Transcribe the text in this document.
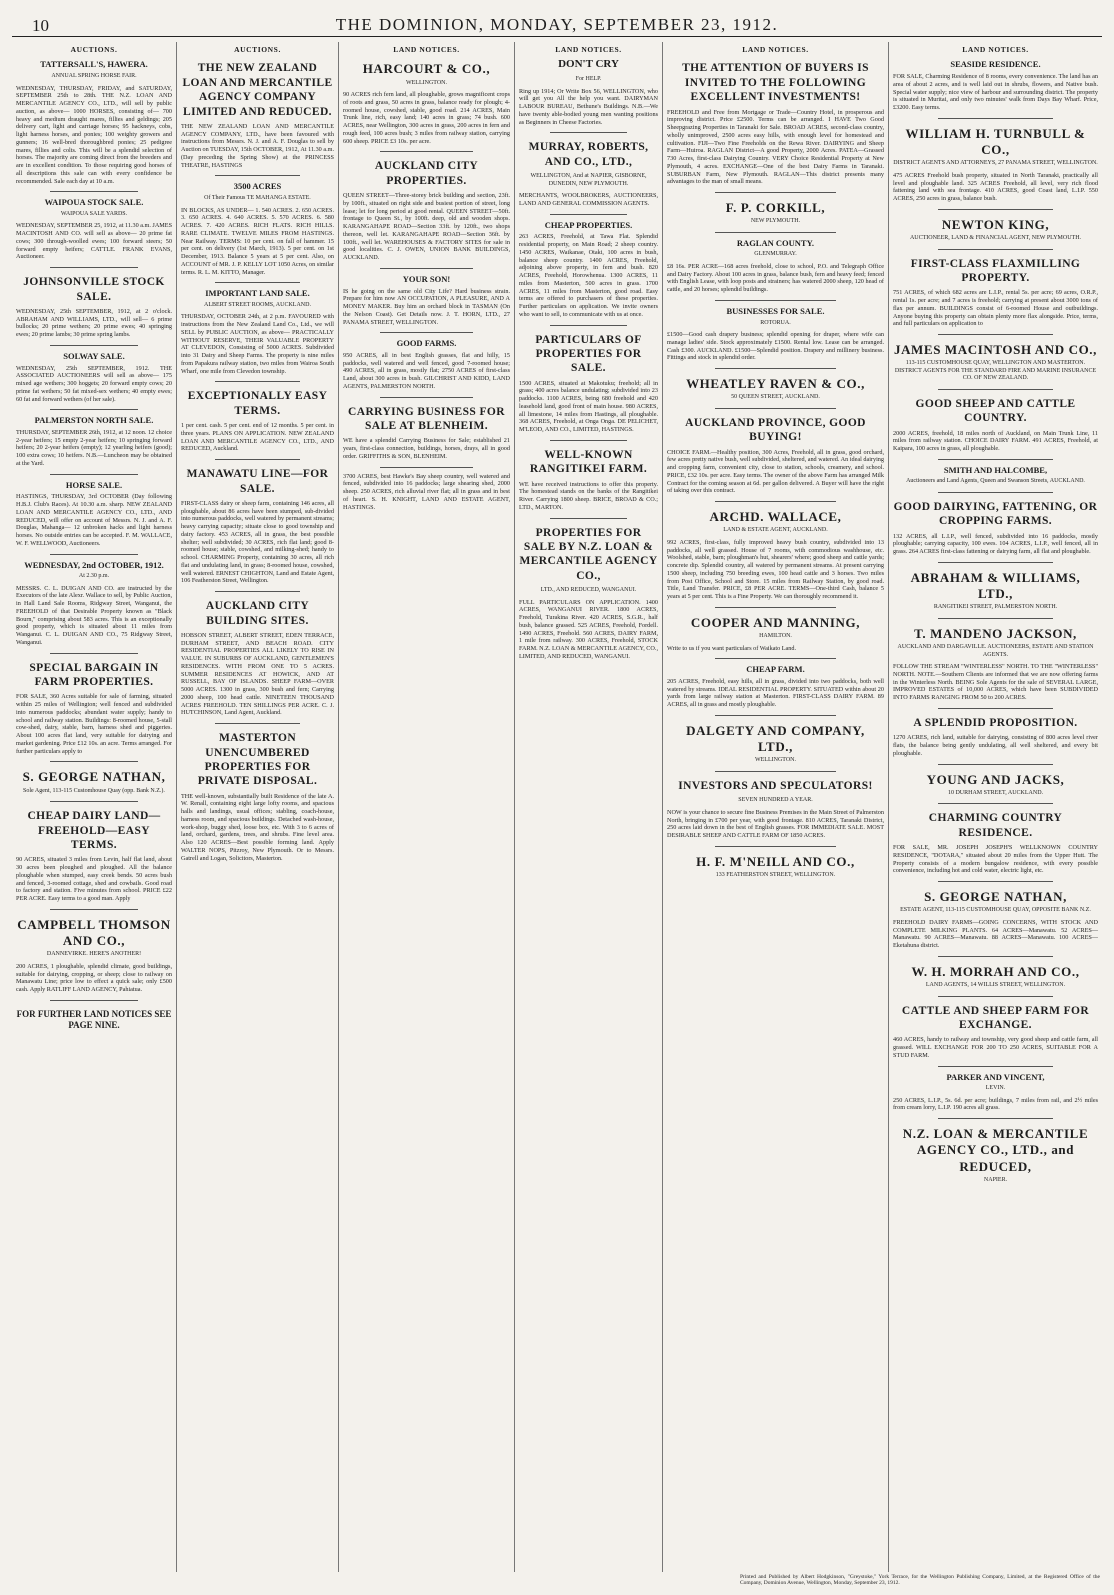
10	THE DOMINION, MONDAY, SEPTEMBER 23, 1912.
AUCTIONS.
TATTERSALL'S, HAWERA.
ANNUAL SPRING HORSE FAIR.

WEDNESDAY, THURSDAY, FRIDAY, and SATURDAY, SEPTEMBER 25th to 28th. THE N.Z. LOAN AND MERCANTILE AGENCY CO., LTD., will sell by public auction, as above— 1000 HORSES, consisting of— 700 heavy and medium draught mares, fillies and geldings; 205 delivery cart, light and carriage horses; 95 hackneys, cobs, light harness horses, and ponies; 100 weighty growers and gunners; 16 well-bred thoroughbred ponies; 25 pedigree mares, fillies and colts. This will be a splendid selection of horses. The majority are coming direct from the breeders and are in excellent condition. To those requiring good horses of all descriptions this sale can with every confidence be recommended. Sale each day at 10 a.m.

WAIPOUA STOCK SALE.
WAIPOUA SALE YARDS.

WEDNESDAY, SEPTEMBER 25, 1912, at 11.30 a.m. JAMES MACINTOSH AND CO. will sell as above— 20 prime fat cows; 300 through-woolled ewes; 100 forward steers; 50 forward empty heifers; CATTLE. FRANK EVANS, Auctioneer.

JOHNSONVILLE STOCK SALE.

WEDNESDAY, 25th SEPTEMBER, 1912, at 2 o'clock. ABRAHAM AND WILLIAMS, LTD., will sell— 6 prime bullocks; 20 prime wethers; 20 prime ewes; 40 springing ewes; 20 prime lambs; 30 prime spring lambs.

SOLWAY SALE.

WEDNESDAY, 25th SEPTEMBER, 1912. THE ASSOCIATED AUCTIONEERS will sell as above— 175 mixed age wethers; 300 hoggets; 20 forward empty cows; 20 prime fat wethers; 50 fat mixed-sex wethers; 40 empty ewes; 60 fat and forward wethers (of her sale).

PALMERSTON NORTH SALE.

THURSDAY, SEPTEMBER 26th, 1912, at 12 noon. 12 choice 2-year heifers; 15 empty 2-year heifers; 10 springing forward heifers; 20 2-year heifers (empty); 12 yearling heifers (good); 100 extra cows; 10 heifers. N.B.—Luncheon may be obtained at the Yard.

HORSE SALE.

HASTINGS, THURSDAY, 3rd OCTOBER (Day following H.B.J. Club's Races). At 10.30 a.m. sharp. NEW ZEALAND LOAN AND MERCANTILE AGENCY CO., LTD., AND REDUCED, will offer on account of Messrs. N. J. and A. F. Douglas, Mahanga— 12 unbroken hacks and light harness horses. No outside entries can be accepted. F. M. WALLACE, W. F. WELLWOOD, Auctioneers.

WEDNESDAY, 2nd OCTOBER, 1912.
At 2.30 p.m.

MESSRS. C. L. DUIGAN AND CO. are instructed by the Executors of the late Alexr. Wallace to sell, by Public Auction, in Hall Land Sale Rooms, Ridgway Street, Wanganui, the FREEHOLD of that Desirable Property known as "Black Bourn," comprising about 583 acres. This is an exceptionally good property, which is situated about 11 miles from Wanganui. C. L. DUIGAN AND CO., 75 Ridgway Street, Wanganui.

SPECIAL BARGAIN IN FARM PROPERTIES.

FOR SALE, 360 Acres suitable for sale of farming, situated within 25 miles of Wellington; well fenced and subdivided into numerous paddocks; abundant water supply; handy to school and railway station. Buildings: 8-roomed house, 5-stall cow-shed, dairy, stable, barn, harness shed and piggeries. About 100 acres flat land, very suitable for dairying and market gardening. Price £12 10s. an acre. Terms arranged. For further particulars apply to

S. GEORGE NATHAN,
Sole Agent, 113-115 Customhouse Quay (opp. Bank N.Z.).
CHEAP DAIRY LAND—FREEHOLD—EASY TERMS.

90 ACRES, situated 3 miles from Levin, half flat land, about 30 acres been ploughed and ploughed. All the balance ploughable when stumped, easy creek bends. 50 acres bush and fenced, 3-roomed cottage, shed and cowbails. Good road to factory and station. Five minutes from school. PRICE £22 PER ACRE. Easy terms to a good man. Apply

CAMPBELL THOMSON AND CO.,
DANNEVIRKE. HERE'S ANOTHER!

200 ACRES, 1 ploughable, splendid climate, good buildings, suitable for dairying, cropping, or sheep; close to railway on Manawatu Line; price low to effect a quick sale; only £500 cash. Apply RATLIFF LAND AGENCY, Pahiatua.

FOR FURTHER LAND NOTICES SEE PAGE NINE.
AUCTIONS.
THE NEW ZEALAND LOAN AND MERCANTILE AGENCY COMPANY LIMITED AND REDUCED.

THE NEW ZEALAND LOAN AND MERCANTILE AGENCY COMPANY, LTD., have been favoured with instructions from Messrs. N. J. and A. F. Douglas to sell by Auction on TUESDAY, 15th OCTOBER, 1912, At 11.30 a.m. (Day preceding the Spring Show) at the PRINCESS THEATRE, HASTINGS

3500 ACRES
Of Their Famous TE MAHANGA ESTATE.

IN BLOCKS, AS UNDER— 1. 540 ACRES. 2. 650 ACRES. 3. 650 ACRES. 4. 640 ACRES. 5. 570 ACRES. 6. 580 ACRES. 7. 420 ACRES. RICH FLATS. RICH HILLS. RARE CLIMATE. TWELVE MILES FROM HASTINGS. Near Railway. TERMS: 10 per cent. on fall of hammer. 15 per cent. on delivery (1st March, 1913). 5 per cent. on 1st December, 1913. Balance 5 years at 5 per cent. Also, on ACCOUNT of MR. J. P. KELLY LOT 1050 Acres, on similar terms. R. L. M. KITTO, Manager.

IMPORTANT LAND SALE.
ALBERT STREET ROOMS, AUCKLAND.

THURSDAY, OCTOBER 24th, at 2 p.m. FAVOURED with instructions from the New Zealand Land Co., Ltd., we will SELL by PUBLIC AUCTION, as above— PRACTICALLY WITHOUT RESERVE, THEIR VALUABLE PROPERTY AT CLEVEDON, Consisting of 5000 ACRES. Subdivided into 31 Dairy and Sheep Farms. The property is nine miles from Papakura railway station, two miles from Wairoa South Wharf, one mile from Clevedon township.

EXCEPTIONALLY EASY TERMS.

1 per cent. cash. 5 per cent. end of 12 months. 5 per cent. in three years. PLANS ON APPLICATION. NEW ZEALAND LOAN AND MERCANTILE AGENCY CO., LTD., AND REDUCED, Auckland.

MANAWATU LINE—FOR SALE.

FIRST-CLASS dairy or sheep farm, containing 146 acres, all ploughable, about 86 acres have been stumped, sub-divided into numerous paddocks, well watered by permanent streams; heavy carrying capacity; situate close to good township and dairy factory. 453 ACRES, all in grass, the best possible shelter; well subdivided; 30 ACRES, rich flat land; good 8-roomed house; stable, cowshed, and milking-shed; handy to school. CHARMING Property, containing 30 acres, all rich flat and undulating land, in grass; 8-roomed house, cowshed, well watered. ERNEST CHIGHTON, Land and Estate Agent, 106 Featherston Street, Wellington.

AUCKLAND CITY BUILDING SITES.

HOBSON STREET, ALBERT STREET, EDEN TERRACE, DURHAM STREET, AND BEACH ROAD. CITY RESIDENTIAL PROPERTIES ALL LIKELY TO RISE IN VALUE. IN SUBURBS OF AUCKLAND, GENTLEMEN'S RESIDENCES. WITH FROM ONE TO 5 ACRES. SUMMER RESIDENCES AT HOWICK, AND AT RUSSELL, BAY OF ISLANDS. SHEEP FARM—OVER 5000 ACRES. 1300 in grass, 300 bush and fern; Carrying 2000 sheep, 100 head cattle. NINETEEN THOUSAND ACRES FREEHOLD. TEN SHILLINGS PER ACRE. C. J. HUTCHINSON, Land Agent, Auckland.

MASTERTON UNENCUMBERED PROPERTIES FOR PRIVATE DISPOSAL.

THE well-known, substantially built Residence of the late A. W. Renall, containing eight large lofty rooms, and spacious halls and landings, usual offices; stabling, coach-house, harness room, and spacious buildings. Detached wash-house, work-shop, buggy shed, loose box, etc. With 3 to 6 acres of land, orchard, gardens, trees, and shrubs. Fine level area. Also 120 ACRES—Best possible forming land. Apply WALTER NOPS, Pitzroy, New Plymouth. Or to Messrs. Gatrell and Logan, Solicitors, Masterton.

LAND NOTICES.
HARCOURT & CO.,
WELLINGTON.

90 ACRES rich fern land, all ploughable, grows magnificent crops of roots and grass, 50 acres in grass, balance ready for plough; 4-roomed house, cowshed, stable, good road. 214 ACRES, Main Trunk line, rich, easy land; 140 acres in grass; 74 bush. 600 ACRES, near Wellington, 300 acres in grass, 200 acres in fern and rough feed, 100 acres bush; 3 miles from railway station, carrying 600 sheep. PRICE £3 10s. per acre.

AUCKLAND CITY PROPERTIES.

QUEEN STREET—Three-storey brick building and section, 23ft. by 100ft., situated on right side and busiest portion of street, long lease; let for long period at good rental. QUEEN STREET—50ft. frontage to Queen St., by 100ft. deep, old and wooden shops. KARANGAHAPE ROAD—Section 33ft. by 120ft., two shops thereon, well let. KARANGAHAPE ROAD—Section 36ft. by 100ft., well let. WAREHOUSES & FACTORY SITES for sale in good localities. C. J. OWEN, UNION BANK BUILDINGS, AUCKLAND.

YOUR SON!

IS he going on the same old City Life? Hard business strain. Prepare for him now AN OCCUPATION, A PLEASURE, AND A MONEY MAKER. Buy him an orchard block in TASMAN (On the Nelson Coast). Get Details now. J. T. HORN, LTD., 27 PANAMA STREET, WELLINGTON.

GOOD FARMS.

950 ACRES, all in best English grasses, flat and hilly, 15 paddocks, well watered and well fenced, good 7-roomed house; 490 ACRES, all in grass, mostly flat; 2750 ACRES of first-class Land, about 300 acres in bush. GILCHRIST AND KIDD, LAND AGENTS, PALMERSTON NORTH.

CARRYING BUSINESS FOR SALE AT BLENHEIM.

WE have a splendid Carrying Business for Sale; established 21 years, first-class connection, buildings, horses, drays, all in good order. GRIFFITHS & SON, BLENHEIM.

3700 ACRES, best Hawke's Bay sheep country, well watered and fenced, subdivided into 16 paddocks; large shearing shed, 2000 sheep. 250 ACRES, rich alluvial river flat; all in grass and in best of heart. S. H. KNIGHT, LAND AND ESTATE AGENT, HASTINGS.

LAND NOTICES.
DON'T CRY
For HELP.

Ring up 1914; Or Write Box 56, WELLINGTON, who will get you All the help you want. DAIRYMAN LABOUR BUREAU, Bethune's Buildings. N.B.—We have twenty able-bodied young men wanting positions as Beginners in Cheese Factories.

MURRAY, ROBERTS, AND CO., LTD.,
WELLINGTON, And at NAPIER, GISBORNE, DUNEDIN, NEW PLYMOUTH.

MERCHANTS, WOOLBROKERS, AUCTIONEERS, LAND AND GENERAL COMMISSION AGENTS.

CHEAP PROPERTIES.

263 ACRES, Freehold, at Tawa Flat. Splendid residential property, on Main Road; 2 sheep country. 1450 ACRES, Waikanae, Otaki, 100 acres in bush, balance sheep country. 1400 ACRES, Freehold, adjoining above property, in fern and bush. 820 ACRES, Freehold, Horowhenua. 1300 ACRES, 11 miles from Masterton, 500 acres in grass. 1700 ACRES, 11 miles from Masterton, good road. Easy terms are offered to purchasers of these properties. Further particulars on application. We invite owners who want to sell, to communicate with us at once.

PARTICULARS OF PROPERTIES FOR SALE.

1500 ACRES, situated at Makotuku; freehold; all in grass; 400 acres balance undulating; subdivided into 23 paddocks. 1100 ACRES, being 680 freehold and 420 leasehold land, good front of main house. 980 ACRES, all limestone, 14 miles from Hastings, all ploughable. 368 ACRES, Freehold, at Onga Onga. DE PELICHET, M'LEOD, AND CO., LIMITED, HASTINGS.

WELL-KNOWN RANGITIKEI FARM.

WE have received instructions to offer this property. The homestead stands on the banks of the Rangitikei River. Carrying 1800 sheep. BRICE, BROAD & CO.; LTD., MARTON.

PROPERTIES FOR SALE BY N.Z. LOAN & MERCANTILE AGENCY CO.,
LTD., AND REDUCED, WANGANUI.

FULL PARTICULARS ON APPLICATION. 1400 ACRES, WANGANUI RIVER. 1800 ACRES, Freehold, Turakina River. 420 ACRES, S.G.R., half bush, balance grassed. 525 ACRES, Freehold, Fordell. 1490 ACRES, Freehold. 560 ACRES, DAIRY FARM, 1 mile from railway. 300 ACRES, Freehold, STOCK FARM. N.Z. LOAN & MERCANTILE AGENCY, CO., LIMITED, AND REDUCED, WANGANUI.

LAND NOTICES.
THE ATTENTION OF BUYERS IS INVITED TO THE FOLLOWING EXCELLENT INVESTMENTS!

FREEHOLD and Free from Mortgage or Trade—Country Hotel, in prosperous and improving district. Price £2500. Terms can be arranged. I HAVE Two Good Sheepgrazing Properties in Taranaki for Sale. BROAD ACRES, second-class country, wholly unimproved, 2500 acres easy hills, with enough level for homestead and cultivation. FIJI—Two Fine Freeholds on the Rewa River. DAIRYING and Sheep Farm—Huiroa. RAGLAN District—A good Property, 2000 Acres. PATEA—Grassed 730 Acres, first-class Dairying Country. VERY Choice Residential Property at New Plymouth, 4 acres. EXCHANGE—One of the best Dairy Farms in Taranaki. SUBURBAN Farm, New Plymouth. RAGLAN—This district presents many advantages to the man of small means.

F. P. CORKILL,
NEW PLYMOUTH.
RAGLAN COUNTY.
GLENMURRAY.

£8 16s. PER ACRE—168 acres freehold, close to school, P.O. and Telegraph Office and Dairy Factory. About 100 acres in grass, balance bush, fern and heavy feed; fenced with English Lease, with loop posts and strainers; has watered 2000 sheep, 120 head of cattle, and 20 horses; splendid buildings.

BUSINESSES FOR SALE.
ROTORUA.

£1500—Good cash drapery business; splendid opening for draper, where wife can manage ladies' side. Stock approximately £1500. Rental low. Lease can be arranged. Cash £300. AUCKLAND. £1500—Splendid position. Drapery and millinery business. Fittings and stock in splendid order.

WHEATLEY RAVEN & CO.,
50 QUEEN STREET, AUCKLAND.
AUCKLAND PROVINCE, GOOD BUYING!

CHOICE FARM.—Healthy position, 300 Acres, Freehold, all in grass, good orchard, few acres pretty native bush, well subdivided, sheltered, and watered. An ideal dairying and cropping farm, convenient city, close to station, schools, creamery, and school. PRICE, £32 10s. per acre. Easy terms. The owner of the above Farm has arranged Milk Contract for the coming season at 6d. per gallon delivered. A Buyer will have the right of taking over this contract.

ARCHD. WALLACE,
LAND & ESTATE AGENT, AUCKLAND.

992 ACRES, first-class, fully improved heavy bush country, subdivided into 13 paddocks, all well grassed. House of 7 rooms, with commodious washhouse, etc. Woolshed, stable, barn; ploughman's hut, shearers' where; good sheep and cattle yards; concrete dip. Splendid country, all watered by permanent streams. At present carrying 1500 sheep, including 750 breeding ewes, 100 head cattle and 3 horses. Two miles from Post Office, School and Store. 15 miles from Railway Station, by good road. Title, Land Transfer. PRICE, £8 PER ACRE. TERMS—One-third Cash, balance 5 years at 5 per cent. This is a Fine Property. We can thoroughly recommend it.

COOPER AND MANNING,
HAMILTON.

Write to us if you want particulars of Waikato Land.

CHEAP FARM.

205 ACRES, Freehold, easy hills, all in grass, divided into two paddocks, both well watered by streams. IDEAL RESIDENTIAL PROPERTY. SITUATED within about 20 yards from large railway station at Masterton. FIRST-CLASS DAIRY FARM. 89 ACRES, all in grass and mostly ploughable.

DALGETY AND COMPANY, LTD.,
WELLINGTON.
INVESTORS AND SPECULATORS!
SEVEN HUNDRED A YEAR.

NOW is your chance to secure fine Business Premises in the Main Street of Palmerston North, bringing in £700 per year, with good frontage. 810 ACRES, Taranaki District, 250 acres laid down in the best of English grasses. FOR IMMEDIATE SALE. MOST DESIRABLE SHEEP AND CATTLE FARM OF 1850 ACRES.

H. F. M'NEILL AND CO.,
133 FEATHERSTON STREET, WELLINGTON.
LAND NOTICES.
SEASIDE RESIDENCE.

FOR SALE, Charming Residence of 8 rooms, every convenience. The land has an area of about 2 acres, and is well laid out in shrubs, flowers, and Native bush. Special water supply; nice view of harbour and surrounding district. The property is situated in Muritai, and only two minutes' walk from Days Bay Wharf. Price, £3200. Easy terms.

WILLIAM H. TURNBULL & CO.,
DISTRICT AGENTS AND ATTORNEYS, 27 PANAMA STREET, WELLINGTON.

475 ACRES Freehold bush property, situated in North Taranaki, practically all level and ploughable land. 325 ACRES Freehold, all level, very rich flood fattening land with sea frontage. 410 ACRES, good Coast land, L.I.P. 550 ACRES, 250 acres in grass, balance bush.

NEWTON KING,
AUCTIONEER, LAND & FINANCIAL AGENT, NEW PLYMOUTH.
FIRST-CLASS FLAXMILLING PROPERTY.

751 ACRES, of which 682 acres are L.I.P., rental 5s. per acre; 69 acres, O.R.P., rental 1s. per acre; and 7 acres is freehold; carrying at present about 3000 tons of flax per annum. BUILDINGS consist of 6-roomed House and outbuildings. Anyone buying this property can obtain plenty more flax alongside. Price, terms, and full particulars on application to

JAMES MACINTOSH AND CO.,
113-115 CUSTOMHOUSE QUAY, WELLINGTON AND MASTERTON. DISTRICT AGENTS FOR THE STANDARD FIRE AND MARINE INSURANCE CO. OF NEW ZEALAND.
GOOD SHEEP AND CATTLE COUNTRY.

2000 ACRES, freehold, 18 miles north of Auckland, on Main Trunk Line, 11 miles from railway station. CHOICE DAIRY FARM. 491 ACRES, Freehold, at Kaipara, 100 acres in grass, all ploughable.

SMITH AND HALCOMBE,
Auctioneers and Land Agents, Queen and Swanson Streets, AUCKLAND.
GOOD DAIRYING, FATTENING, OR CROPPING FARMS.

132 ACRES, all L.I.P., well fenced, subdivided into 16 paddocks, mostly ploughable; carrying capacity, 100 ewes. 104 ACRES, L.I.P., well fenced, all in grass. 264 ACRES first-class fattening or dairying farm, all flat and ploughable.

ABRAHAM & WILLIAMS, LTD.,
RANGITIKEI STREET, PALMERSTON NORTH.
T. MANDENO JACKSON,
AUCKLAND AND DARGAVILLE. AUCTIONEERS, ESTATE AND STATION AGENTS.

FOLLOW THE STREAM "WINTERLESS" NORTH. TO THE "WINTERLESS" NORTH. NOTE.—Southern Clients are informed that we are now offering farms in the Winterless North. BEING Sole Agents for the sale of SEVERAL LARGE, IMPROVED ESTATES of 10,000 ACRES, which have been SUBDIVIDED INTO FARMS RANGING FROM 50 to 200 ACRES.

A SPLENDID PROPOSITION.

1270 ACRES, rich land, suitable for dairying, consisting of 800 acres level river flats, the balance being gently undulating, all well sheltered, and every bit ploughable.

YOUNG AND JACKS,
10 DURHAM STREET, AUCKLAND.
CHARMING COUNTRY RESIDENCE.

FOR SALE, MR. JOSEPH JOSEPH'S WELLKNOWN COUNTRY RESIDENCE, "DOTARA," situated about 20 miles from the Upper Hutt. The Property consists of a modern bungalow residence, with every possible convenience, including hot and cold water, electric light, etc.

S. GEORGE NATHAN,
ESTATE AGENT, 113-115 CUSTOMHOUSE QUAY, OPPOSITE BANK N.Z.

FREEHOLD DAIRY FARMS—GOING CONCERNS, WITH STOCK AND COMPLETE MILKING PLANTS. 64 ACRES—Manawatu. 52 ACRES—Manawatu. 90 ACRES—Manawatu. 88 ACRES—Manawatu. 100 ACRES—Eketahuna district.

W. H. MORRAH AND CO.,
LAND AGENTS, 14 WILLIS STREET, WELLINGTON.
CATTLE AND SHEEP FARM FOR EXCHANGE.

460 ACRES, handy to railway and township, very good sheep and cattle farm, all grassed. WILL EXCHANGE FOR 200 TO 250 ACRES, SUITABLE FOR A STUD FARM.

PARKER AND VINCENT,
LEVIN.

250 ACRES, L.I.P., 5s. 6d. per acre; buildings, 7 miles from rail, and 2½ miles from cream lorry, L.I.P. 190 acres all grass.

N.Z. LOAN & MERCANTILE AGENCY CO., LTD., and REDUCED,
NAPIER.
Printed and Published by Albert Hodgkinson, "Greystoke," York Terrace, for the Wellington Publishing Company, Limited, at the Registered Office of the Company, Dominion Avenue, Wellington, Monday, September 23, 1912.
